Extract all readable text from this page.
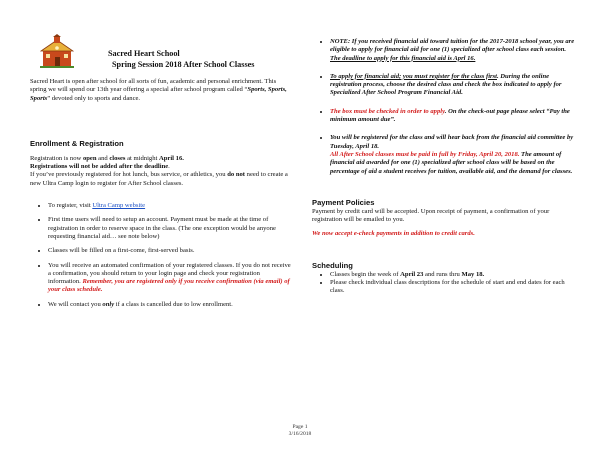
Sacred Heart School
Spring Session 2018 After School Classes

Sacred Heart is open after school for all sorts of fun, academic and personal enrichment. This spring we will spend our 13th year offering a special after school program called “Sports, Sports, Sports” devoted only to sports and dance.

Enrollment & Registration

Registration is now open and closes at midnight April 16.

Registrations will not be added after the deadline.

If you’ve previously registered for hot lunch, bus service, or athletics, you do not need to create a new Ultra Camp login to register for After School classes.

• To register, visit Ultra Camp website
• First time users will need to setup an account. Payment must be made at the time of registration in order to reserve space in the class. (The one exception would be anyone requesting financial aid… see note below)
• Classes will be filled on a first-come, first-served basis.
• You will receive an automated confirmation of your registered classes. If you do not receive a confirmation, you should return to your login page and check your registration information. Remember, you are registered only if you receive confirmation (via email) of your class schedule.
• We will contact you only if a class is cancelled due to low enrollment.
• NOTE: If you received financial aid toward tuition for the 2017-2018 school year, you are eligible to apply for financial aid for one (1) specialized after school class each session. The deadline to apply for this financial aid is Aprl 16.
• To apply for financial aid; you must register for the class first. During the online registration process, choose the desired class and check the box indicated to apply for Specialized After School Program Financial Aid.
• The box must be checked in order to apply. On the check-out page please select “Pay the minimum amount due”.
• You will be registered for the class and will hear back from the financial aid committee by Tuesday, April 18.
All After School classes must be paid in full by Friday, April 20, 2018. The amount of financial aid awarded for one (1) specialized after school class will be based on the percentage of aid a student receives for tuition, available aid, and the demand for classes.
Payment Policies

Payment by credit card will be accepted. Upon receipt of payment, a confirmation of your registration will be emailed to you.

We now accept e-check payments in addition to credit cards.

Scheduling
• Classes begin the week of April 23 and runs thru May 18.
• Please check individual class descriptions for the schedule of start and end dates for each class.
Page 1
3/16/2018
